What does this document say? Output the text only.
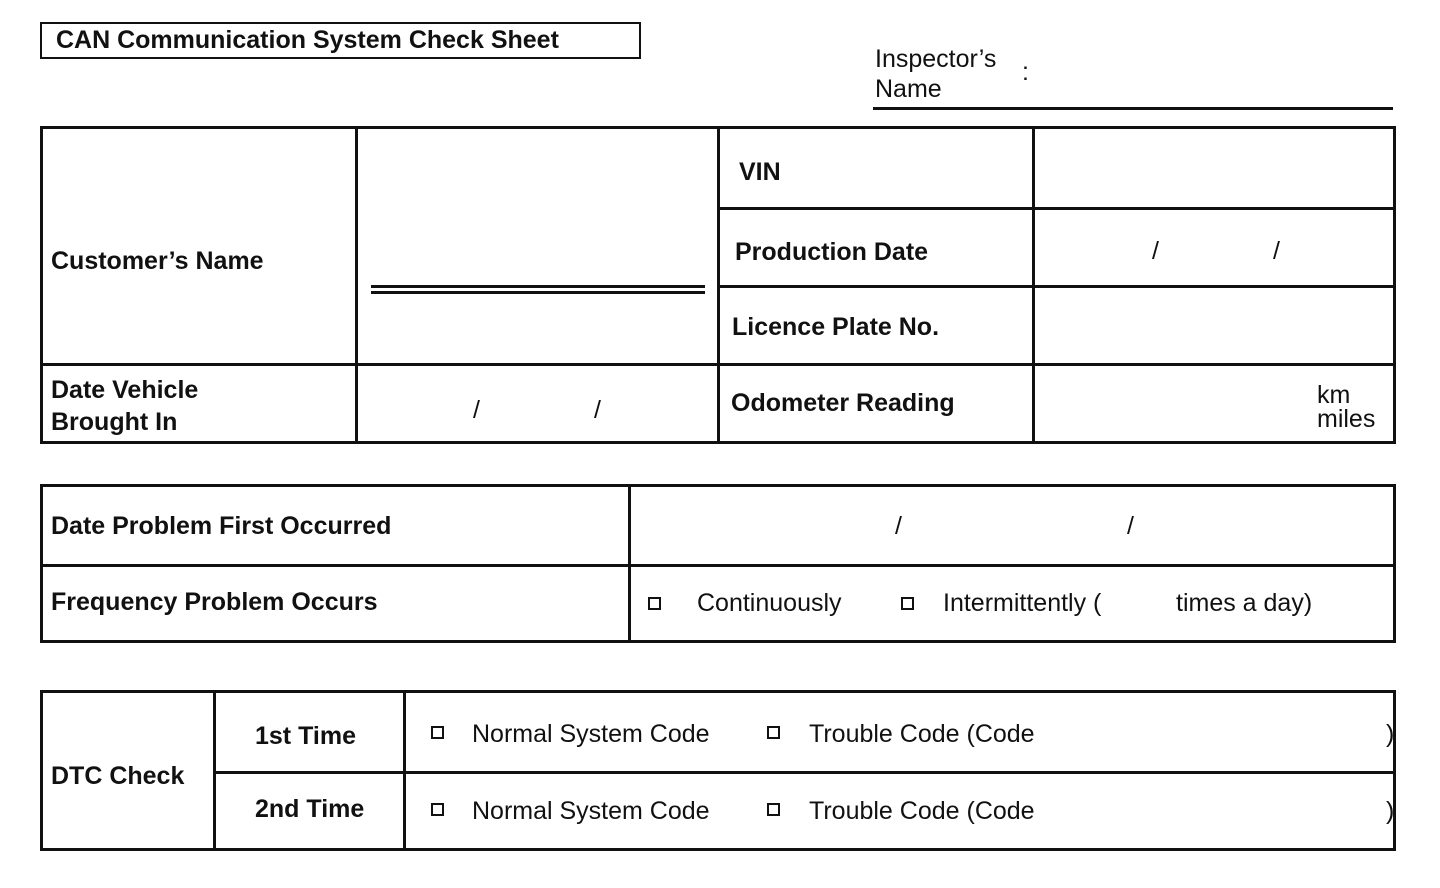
CAN Communication System Check Sheet
Inspector’s
Name
:
Customer’s Name
VIN
Production Date	/	/
Licence Plate No.
Date Vehicle
Brought In	/	/	Odometer Reading	km
miles
Date Problem First Occurred	/	/
Frequency Problem Occurs	Continuously	Intermittently (	times a day)
DTC Check
1st Time	Normal System Code	Trouble Code (Code	)
2nd Time	Normal System Code	Trouble Code (Code	)
